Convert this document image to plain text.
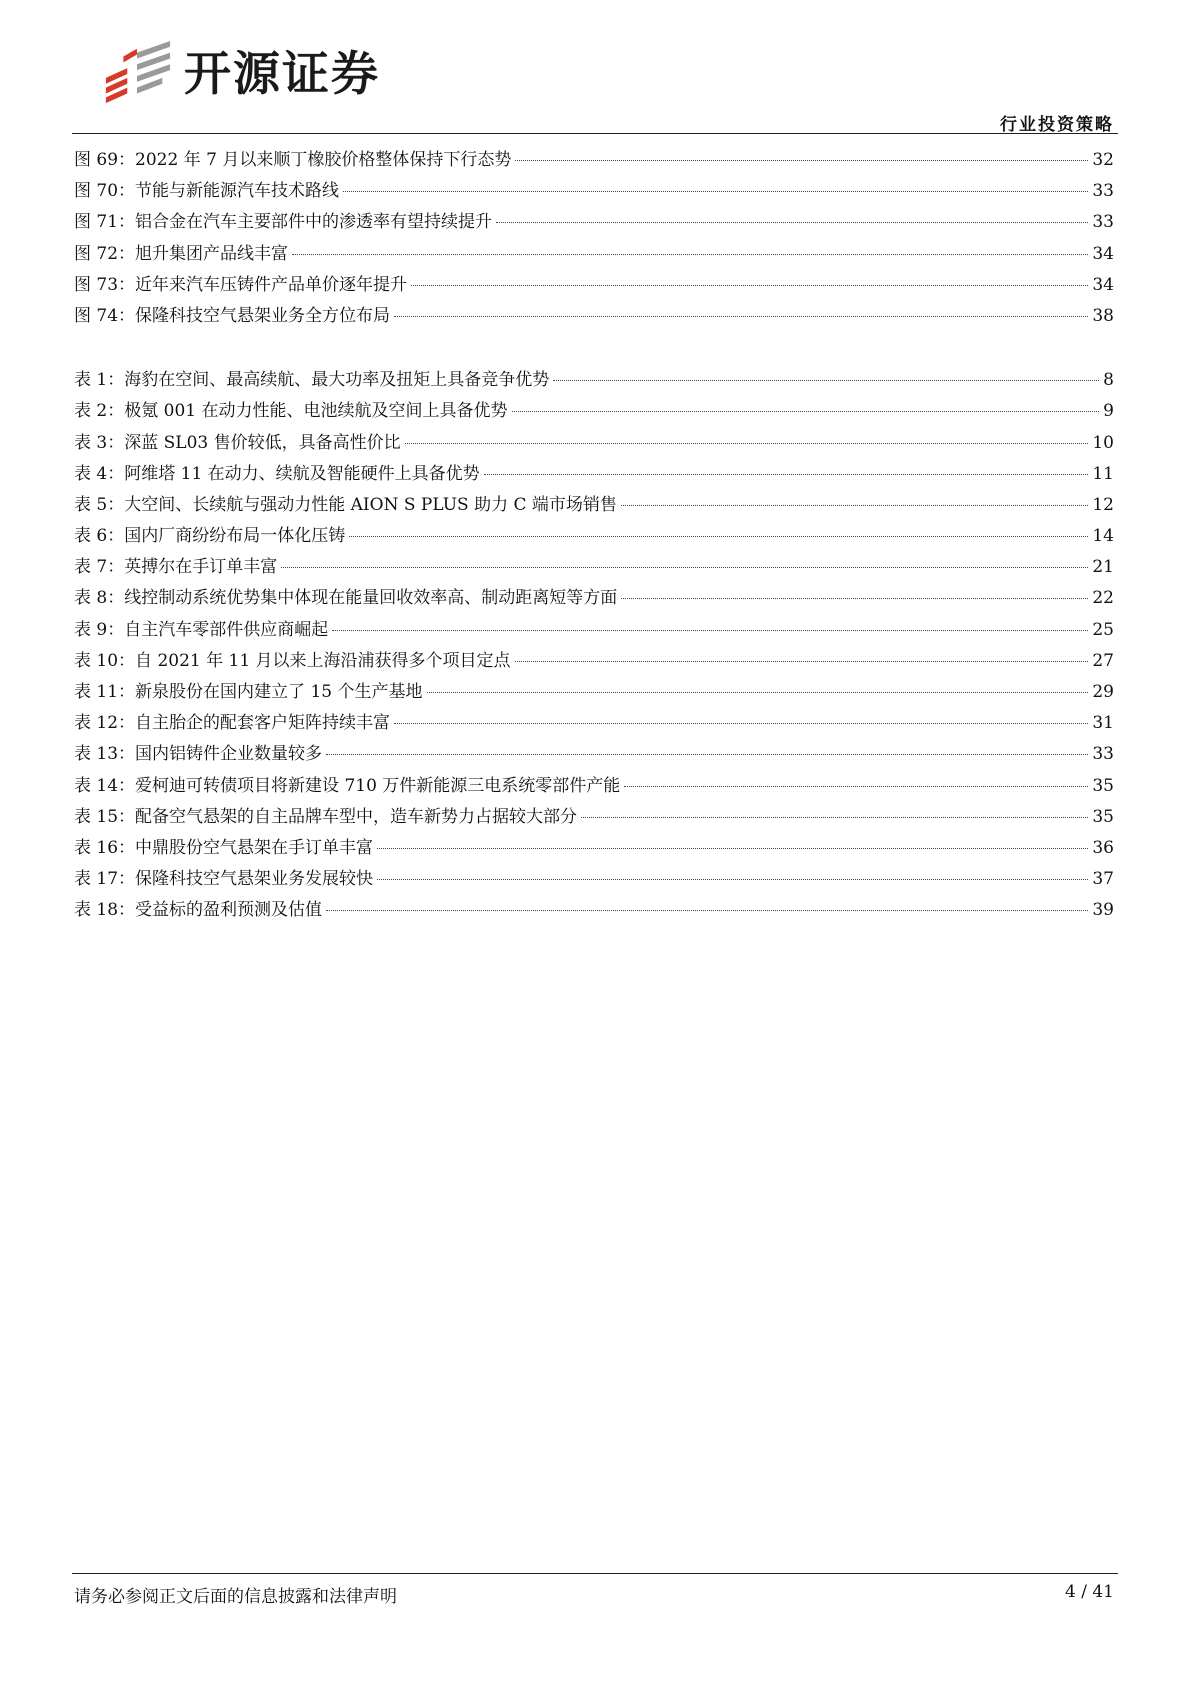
开源证券
行业投资策略
图 69： 2022 年 7 月以来顺丁橡胶价格整体保持下行态势	32
图 70： 节能与新能源汽车技术路线	33
图 71： 铝合金在汽车主要部件中的渗透率有望持续提升	33
图 72： 旭升集团产品线丰富	34
图 73： 近年来汽车压铸件产品单价逐年提升	34
图 74： 保隆科技空气悬架业务全方位布局	38
表 1： 海豹在空间、最高续航、最大功率及扭矩上具备竞争优势	8
表 2： 极氪 001 在动力性能、电池续航及空间上具备优势	9
表 3： 深蓝 SL03 售价较低，具备高性价比	10
表 4： 阿维塔 11 在动力、续航及智能硬件上具备优势	11
表 5： 大空间、长续航与强动力性能 AION S PLUS 助力 C 端市场销售	12
表 6： 国内厂商纷纷布局一体化压铸	14
表 7： 英搏尔在手订单丰富	21
表 8： 线控制动系统优势集中体现在能量回收效率高、制动距离短等方面	22
表 9： 自主汽车零部件供应商崛起	25
表 10： 自 2021 年 11 月以来上海沿浦获得多个项目定点	27
表 11： 新泉股份在国内建立了 15 个生产基地	29
表 12： 自主胎企的配套客户矩阵持续丰富	31
表 13： 国内铝铸件企业数量较多	33
表 14： 爱柯迪可转债项目将新建设 710 万件新能源三电系统零部件产能	35
表 15： 配备空气悬架的自主品牌车型中，造车新势力占据较大部分	35
表 16： 中鼎股份空气悬架在手订单丰富	36
表 17： 保隆科技空气悬架业务发展较快	37
表 18： 受益标的盈利预测及估值	39
请务必参阅正文后面的信息披露和法律声明	4 / 41
